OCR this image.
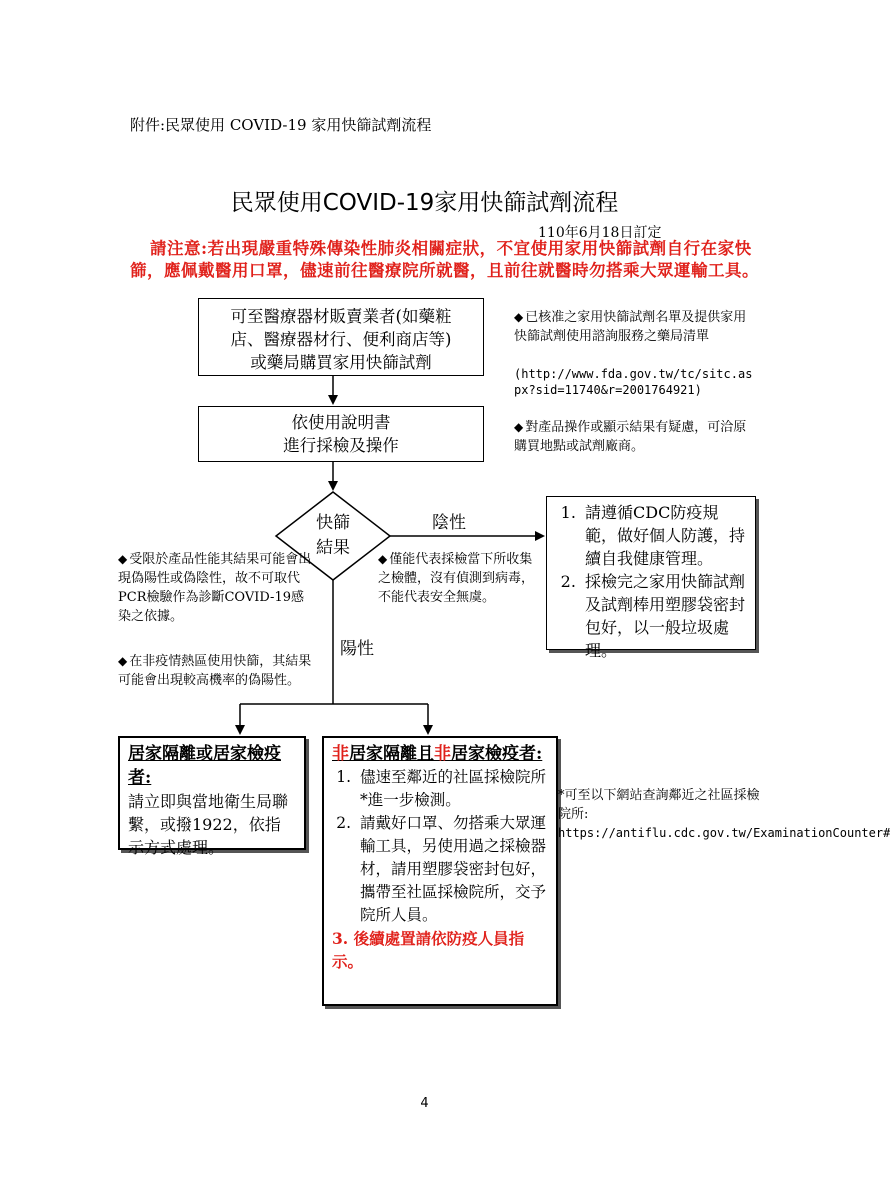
附件:民眾使用 COVID-19 家用快篩試劑流程
民眾使用COVID-19家用快篩試劑流程
110年6月18日訂定
請注意:若出現嚴重特殊傳染性肺炎相關症狀，不宜使用家用快篩試劑自行在家快篩，應佩戴醫用口罩，儘速前往醫療院所就醫，且前往就醫時勿搭乘大眾運輸工具。
可至醫療器材販賣業者(如藥粧
店、醫療器材行、便利商店等)
或藥局購買家用快篩試劑
依使用說明書
進行採檢及操作
快篩
結果
陰性
陽性
◆ 已核准之家用快篩試劑名單及提供家用快篩試劑使用諮詢服務之藥局清單
(http://www.fda.gov.tw/tc/sitc.aspx?sid=11740&r=2001764921)
◆ 對產品操作或顯示結果有疑慮，可洽原購買地點或試劑廠商。
◆ 受限於產品性能其結果可能會出現偽陽性或偽陰性，故不可取代PCR檢驗作為診斷COVID-19感染之依據。
◆ 在非疫情熱區使用快篩，其結果可能會出現較高機率的偽陽性。
◆ 僅能代表採檢當下所收集之檢體，沒有偵測到病毒，不能代表安全無虞。
1. 請遵循CDC防疫規範，做好個人防護，持續自我健康管理。
2. 採檢完之家用快篩試劑及試劑棒用塑膠袋密封包好，以一般垃圾處理。
居家隔離或居家檢疫者:
請立即與當地衛生局聯繫，或撥1922，依指示方式處理。
非居家隔離且非居家檢疫者:
1. 儘速至鄰近的社區採檢院所*進一步檢測。
2. 請戴好口罩、勿搭乘大眾運輸工具，另使用過之採檢器材，請用塑膠袋密封包好，攜帶至社區採檢院所，交予院所人員。
3. 後續處置請依防疫人員指示。
*可至以下網站查詢鄰近之社區採檢院所:
https://antiflu.cdc.gov.tw/ExaminationCounter#
4
